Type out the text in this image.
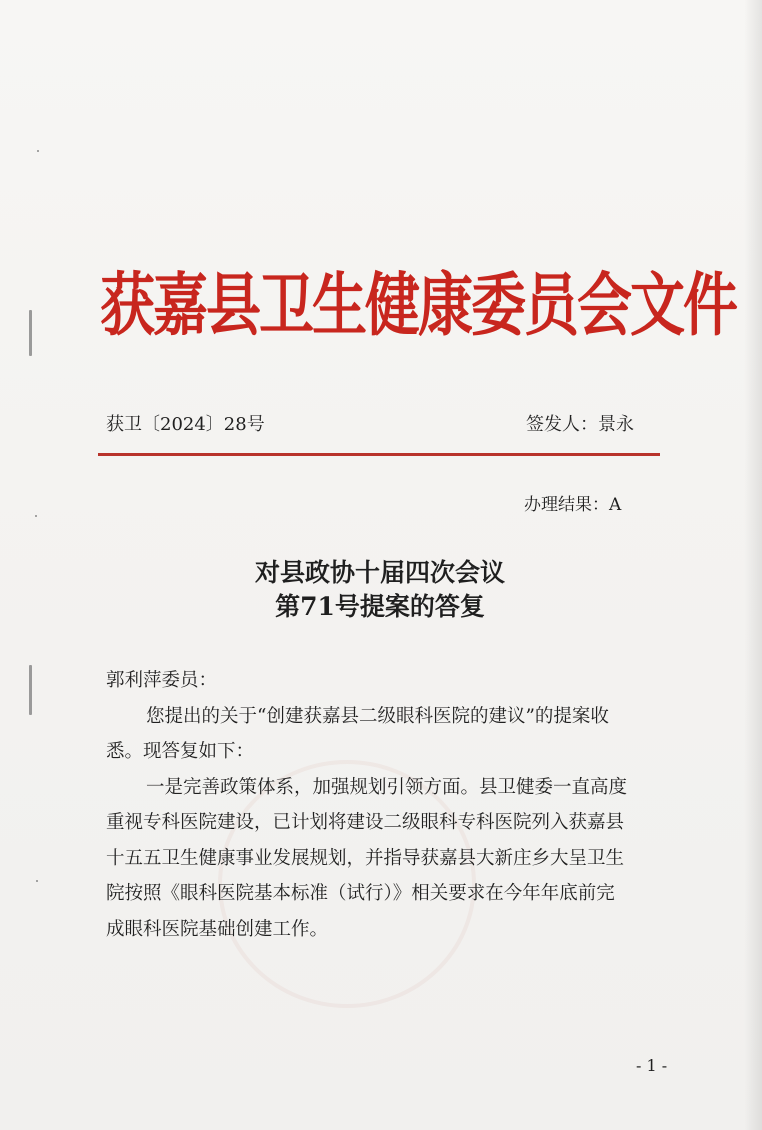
获嘉县卫生健康委员会文件
获卫〔2024〕28号	签发人：景永
办理结果：A
对县政协十届四次会议
第71号提案的答复
郭利萍委员：
您提出的关于“创建获嘉县二级眼科医院的建议”的提案收
悉。现答复如下：
一是完善政策体系，加强规划引领方面。县卫健委一直高度
重视专科医院建设，已计划将建设二级眼科专科医院列入获嘉县
十五五卫生健康事业发展规划，并指导获嘉县大新庄乡大呈卫生
院按照《眼科医院基本标准（试行）》相关要求在今年年底前完
成眼科医院基础创建工作。
- 1 -
